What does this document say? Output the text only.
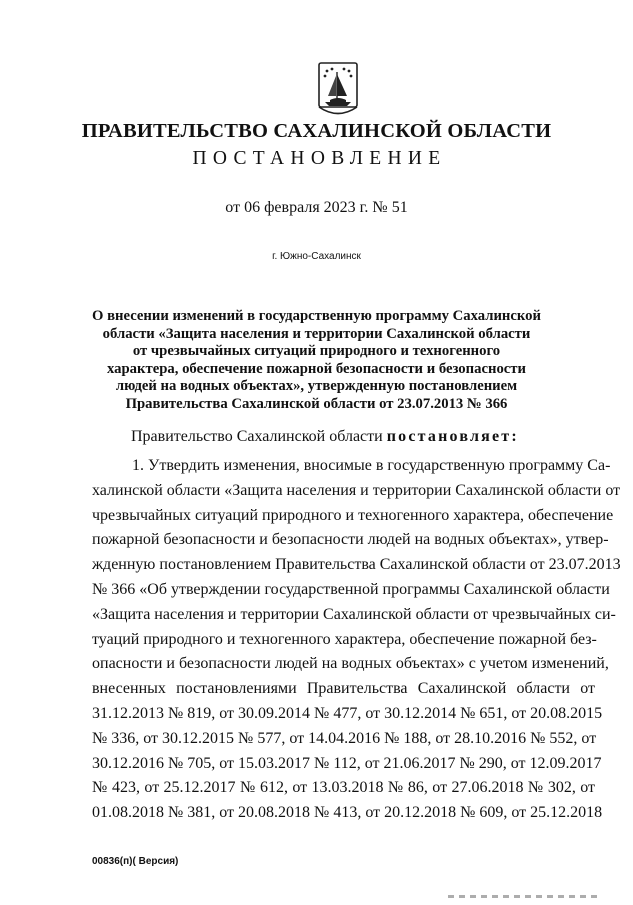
ПРАВИТЕЛЬСТВО САХАЛИНСКОЙ ОБЛАСТИ
ПОСТАНОВЛЕНИЕ
от 06 февраля 2023 г. № 51
г. Южно-Сахалинск
О внесении изменений в государственную программу Сахалинской
области «Защита населения и территории Сахалинской области
от чрезвычайных ситуаций природного и техногенного
характера, обеспечение пожарной безопасности и безопасности
людей на водных объектах», утвержденную постановлением
Правительства Сахалинской области от 23.07.2013 № 366
Правительство Сахалинской области постановляет:
1. Утвердить изменения, вносимые в государственную программу Са-
халинской области «Защита населения и территории Сахалинской области от
чрезвычайных ситуаций природного и техногенного характера, обеспечение
пожарной безопасности и безопасности людей на водных объектах», утвер-
жденную постановлением Правительства Сахалинской области от 23.07.2013
№ 366 «Об утверждении государственной программы Сахалинской области
«Защита населения и территории Сахалинской области от чрезвычайных си-
туаций природного и техногенного характера, обеспечение пожарной без-
опасности и безопасности людей на водных объектах» с учетом изменений,
внесенных постановлениями Правительства Сахалинской области от
31.12.2013 № 819, от 30.09.2014 № 477, от 30.12.2014 № 651, от 20.08.2015
№ 336, от 30.12.2015 № 577, от 14.04.2016 № 188, от 28.10.2016 № 552, от
30.12.2016 № 705, от 15.03.2017 № 112, от 21.06.2017 № 290, от 12.09.2017
№ 423, от 25.12.2017 № 612, от 13.03.2018 № 86, от 27.06.2018 № 302, от
01.08.2018 № 381, от 20.08.2018 № 413, от 20.12.2018 № 609, от 25.12.2018
00836(п)( Версия)
